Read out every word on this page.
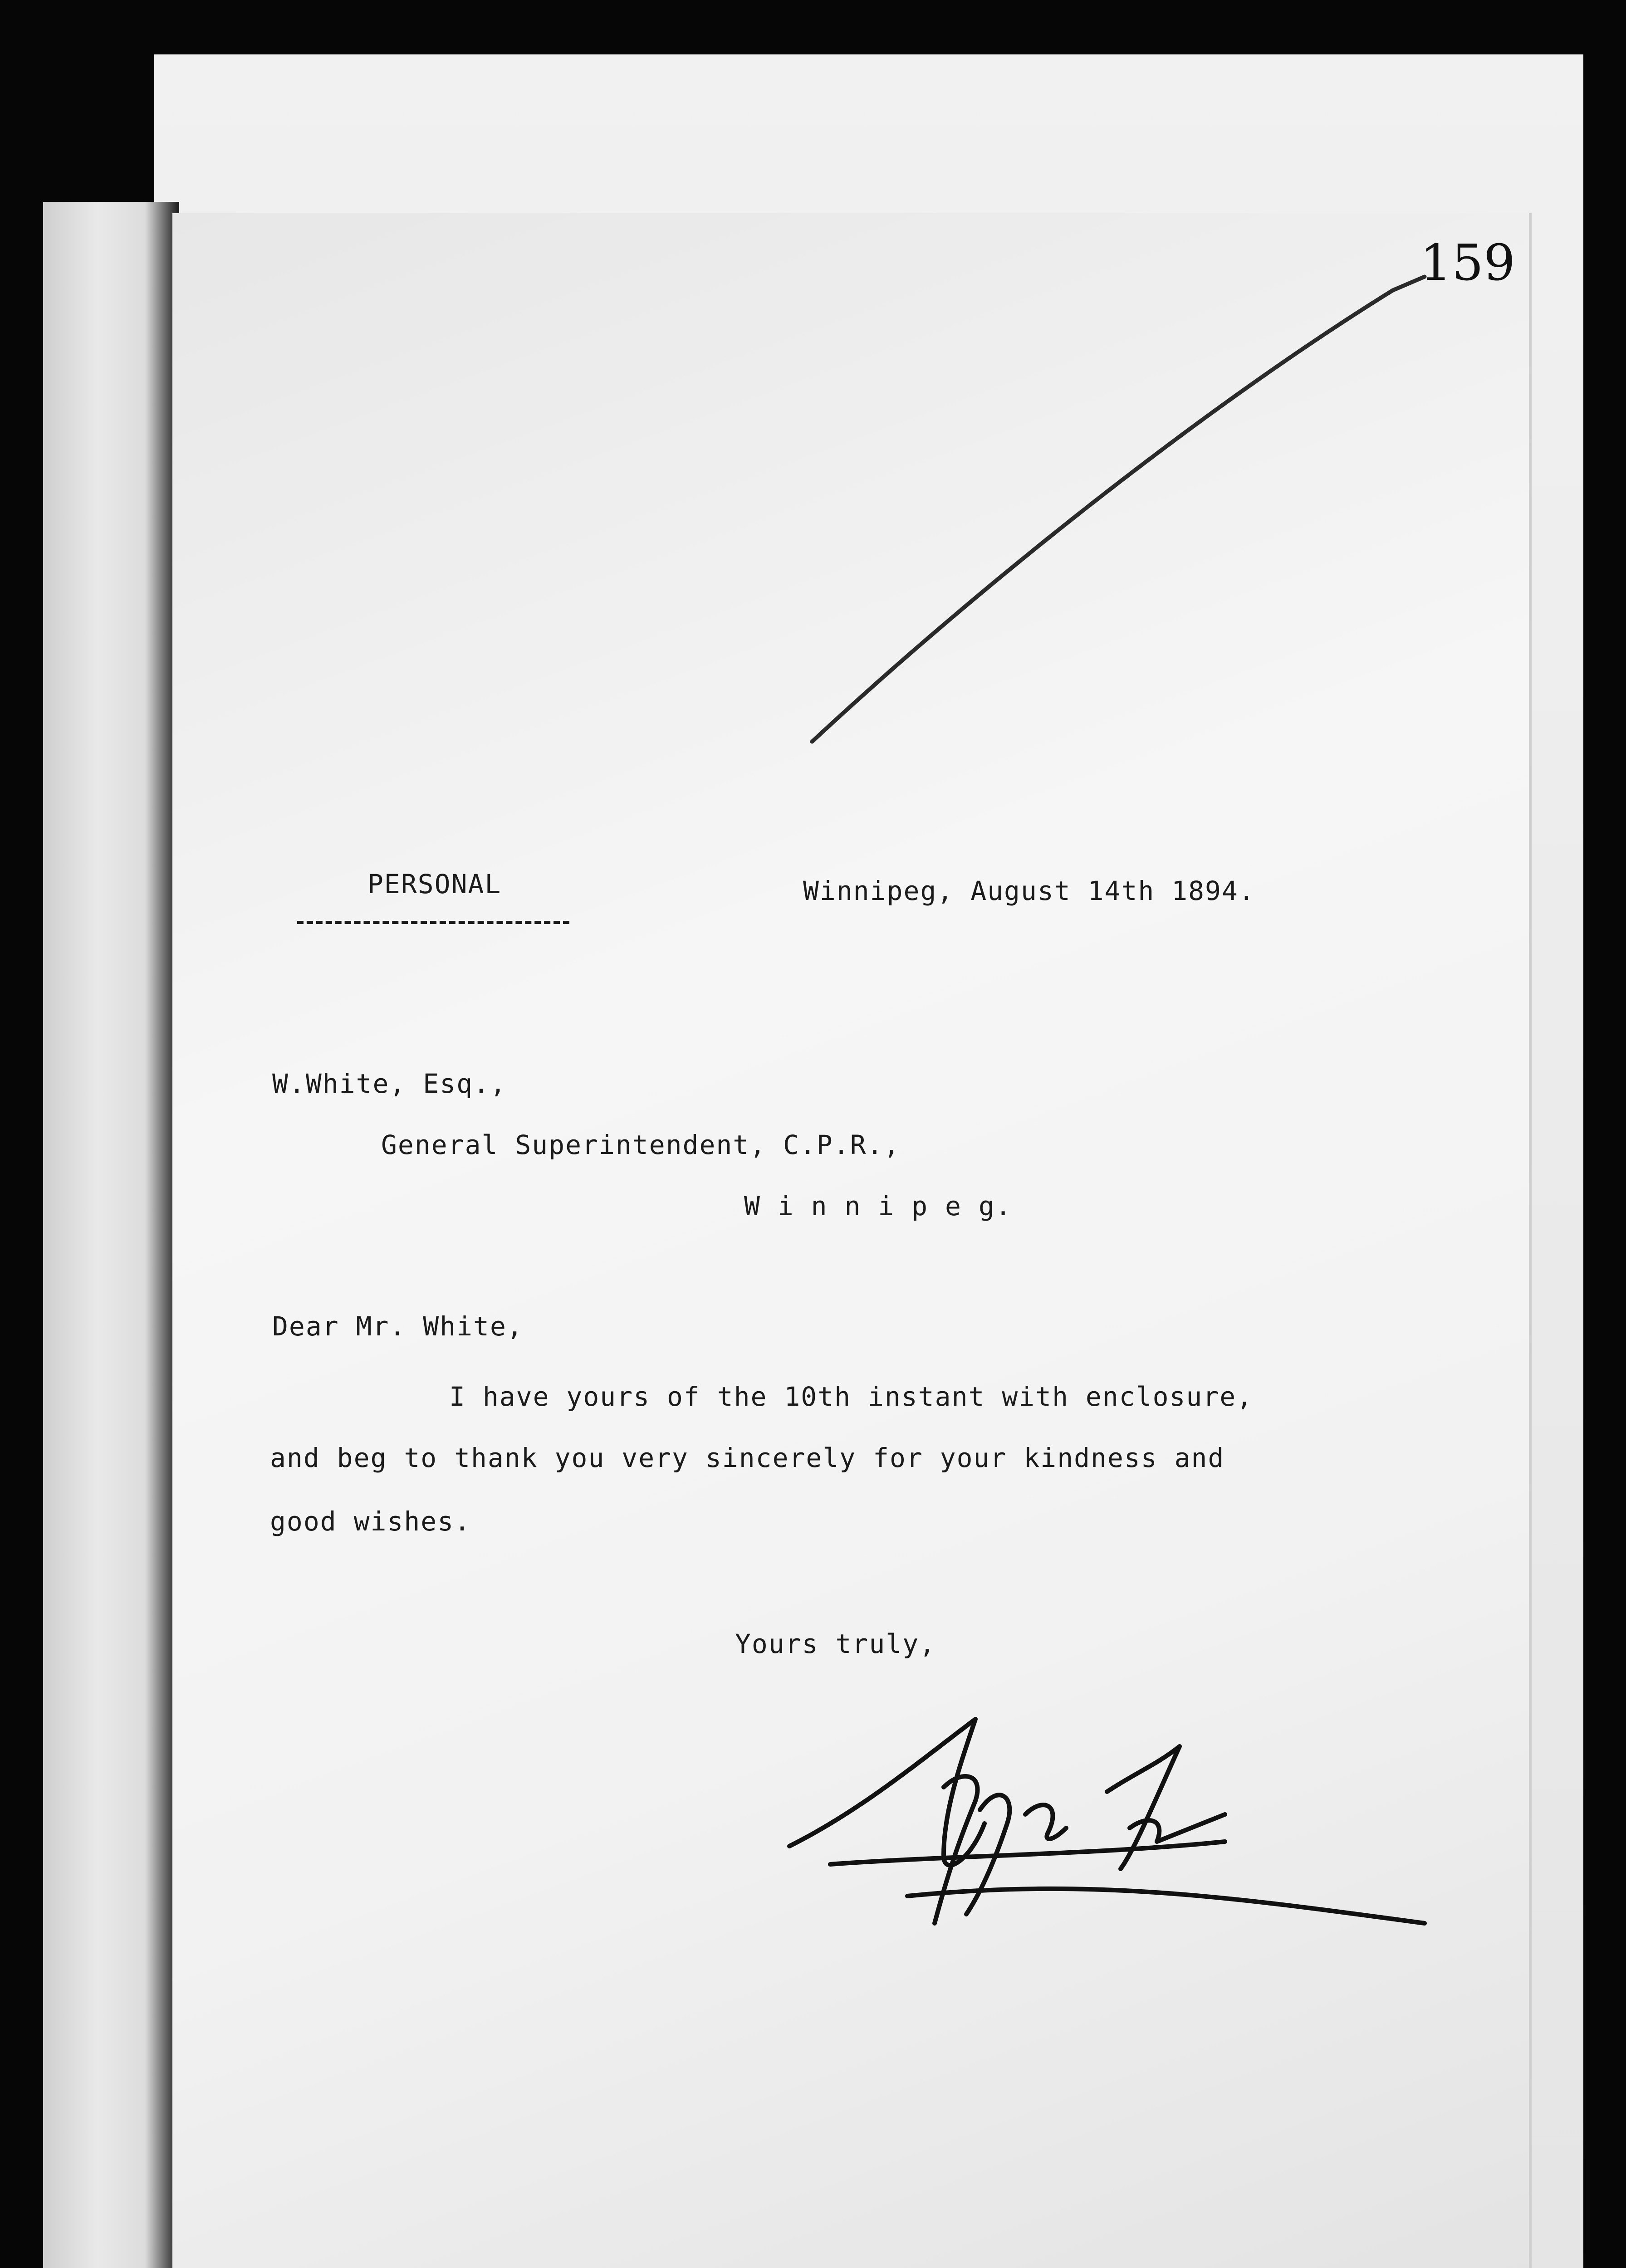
159
PERSONAL	Winnipeg, August 14th 1894.
W.White, Esq.,
General Superintendent, C.P.R.,
W i n n i p e g.
Dear Mr. White,
I have yours of the 10th instant with enclosure,
and beg to thank you very sincerely for your kindness and
good wishes.
Yours truly,
